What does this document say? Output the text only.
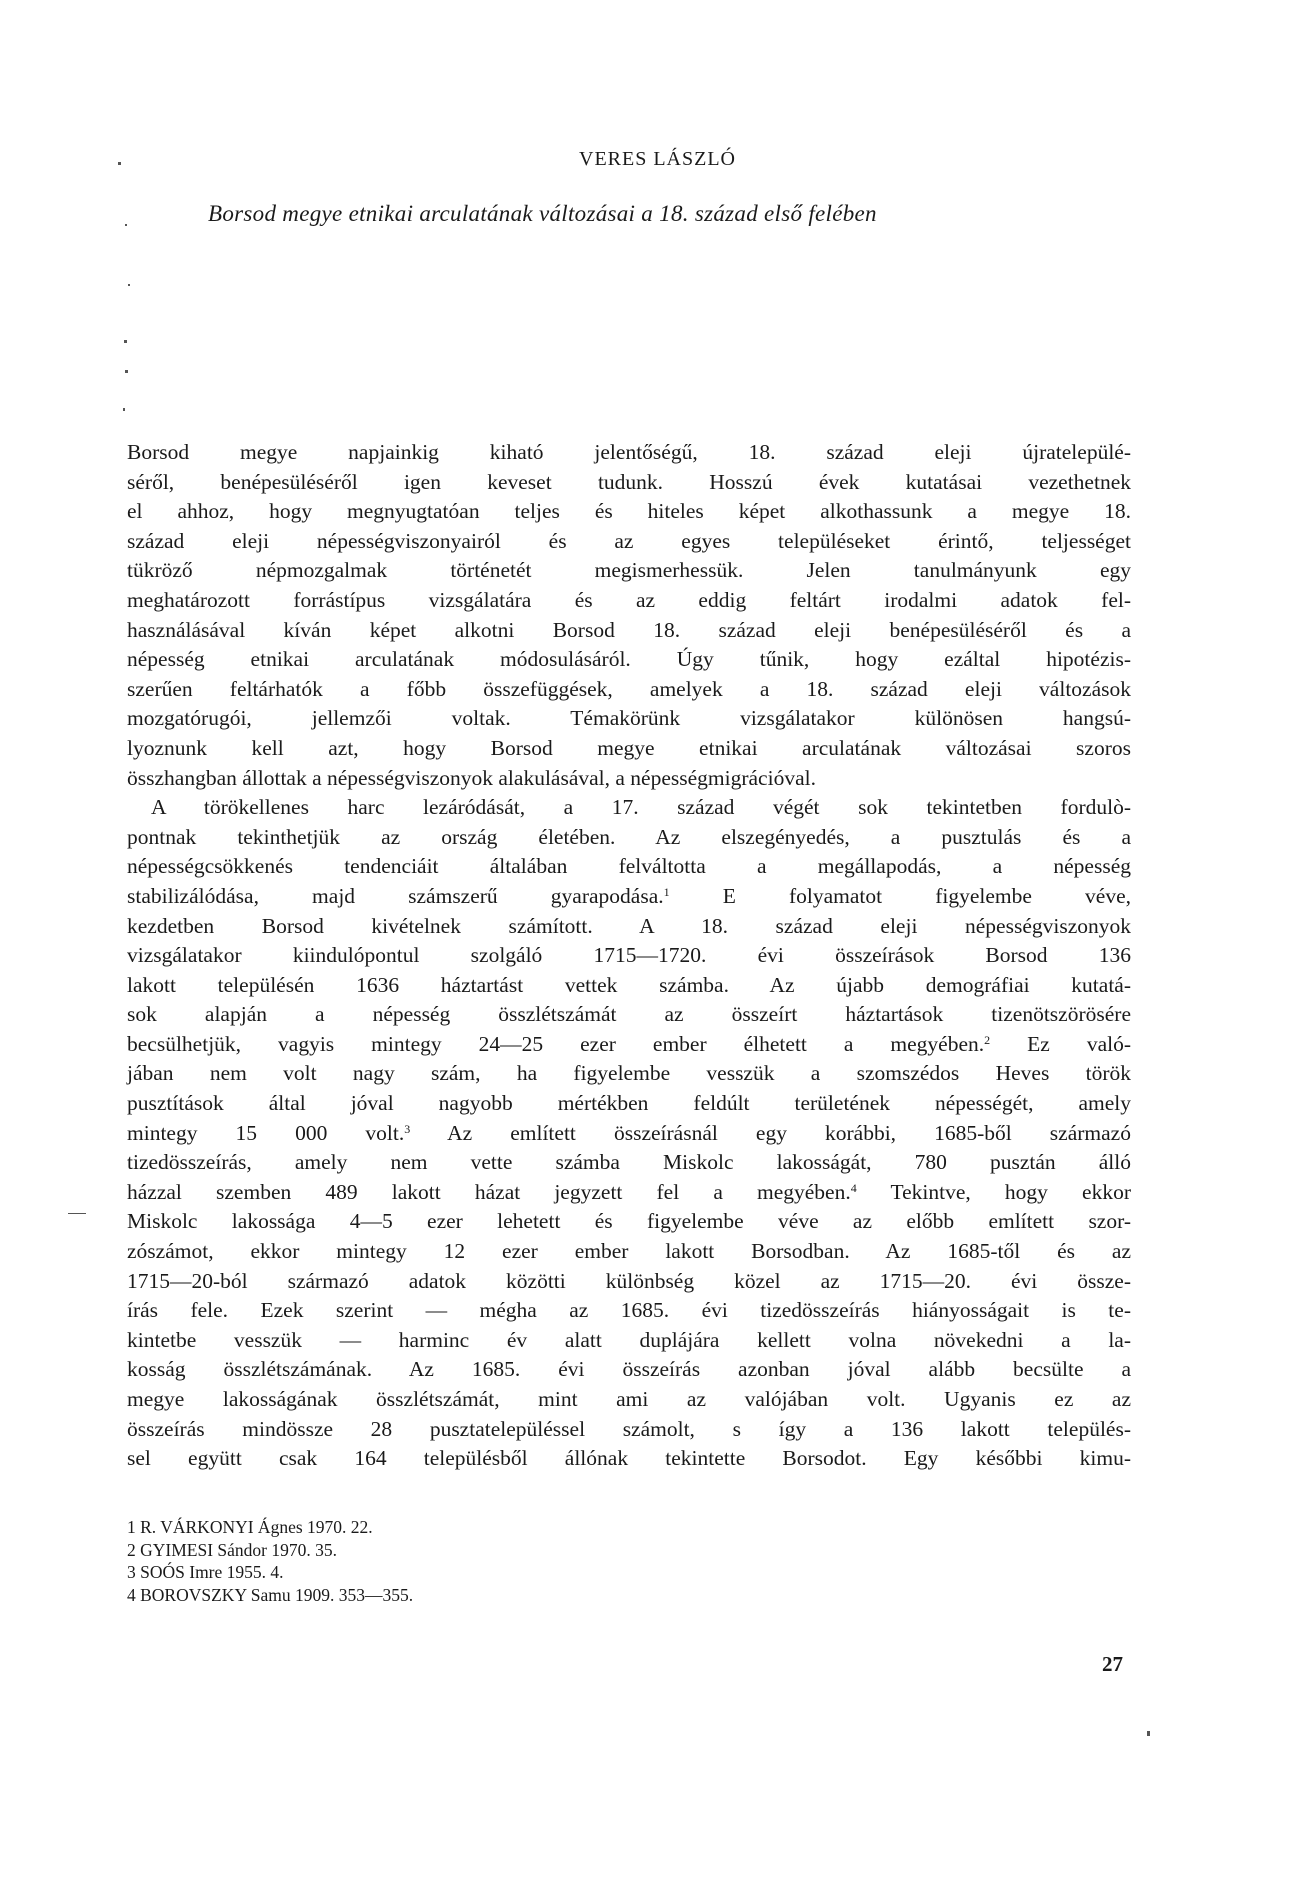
VERES LÁSZLÓ
Borsod megye etnikai arculatának változásai a 18. század első felében
Borsod megye napjainkig kiható jelentőségű, 18. század eleji újratelepülé-
séről, benépesüléséről igen keveset tudunk. Hosszú évek kutatásai vezethetnek
el ahhoz, hogy megnyugtatóan teljes és hiteles képet alkothassunk a megye 18.
század eleji népességviszonyairól és az egyes településeket érintő, teljességet
tükröző népmozgalmak történetét megismerhessük. Jelen tanulmányunk egy
meghatározott forrástípus vizsgálatára és az eddig feltárt irodalmi adatok fel-
használásával kíván képet alkotni Borsod 18. század eleji benépesüléséről és a
népesség etnikai arculatának módosulásáról. Úgy tűnik, hogy ezáltal hipotézis-
szerűen feltárhatók a főbb összefüggések, amelyek a 18. század eleji változások
mozgatórugói, jellemzői voltak. Témakörünk vizsgálatakor különösen hangsú-
lyoznunk kell azt, hogy Borsod megye etnikai arculatának változásai szoros
összhangban állottak a népességviszonyok alakulásával, a népességmigrációval.
A törökellenes harc lezáródását, a 17. század végét sok tekintetben fordulò-
pontnak tekinthetjük az ország életében. Az elszegényedés, a pusztulás és a
népességcsökkenés tendenciáit általában felváltotta a megállapodás, a népesség
stabilizálódása, majd számszerű gyarapodása.$^1$ E folyamatot figyelembe véve,
kezdetben Borsod kivételnek számított. A 18. század eleji népességviszonyok
vizsgálatakor kiindulópontul szolgáló 1715—1720. évi összeírások Borsod 136
lakott településén 1636 háztartást vettek számba. Az újabb demográfiai kutatá-
sok alapján a népesség összlétszámát az összeírt háztartások tizenötszörösére
becsülhetjük, vagyis mintegy 24—25 ezer ember élhetett a megyében.$^2$ Ez való-
jában nem volt nagy szám, ha figyelembe vesszük a szomszédos Heves török
pusztítások által jóval nagyobb mértékben feldúlt területének népességét, amely
mintegy 15 000 volt.$^3$ Az említett összeírásnál egy korábbi, 1685-ből származó
tizedösszeírás, amely nem vette számba Miskolc lakosságát, 780 pusztán álló
házzal szemben 489 lakott házat jegyzett fel a megyében.$^4$ Tekintve, hogy ekkor
Miskolc lakossága 4—5 ezer lehetett és figyelembe véve az előbb említett szor-
zószámot, ekkor mintegy 12 ezer ember lakott Borsodban. Az 1685-től és az
1715—20-ból származó adatok közötti különbség közel az 1715—20. évi össze-
írás fele. Ezek szerint — mégha az 1685. évi tizedösszeírás hiányosságait is te-
kintetbe vesszük — harminc év alatt duplájára kellett volna növekedni a la-
kosság összlétszámának. Az 1685. évi összeírás azonban jóval alább becsülte a
megye lakosságának összlétszámát, mint ami az valójában volt. Ugyanis ez az
összeírás mindössze 28 pusztatelepüléssel számolt, s így a 136 lakott település-
sel együtt csak 164 településből állónak tekintette Borsodot. Egy későbbi kimu-
1 R. VÁRKONYI Ágnes 1970. 22.
2 GYIMESI Sándor 1970. 35.
3 SOÓS Imre 1955. 4.
4 BOROVSZKY Samu 1909. 353—355.
27
